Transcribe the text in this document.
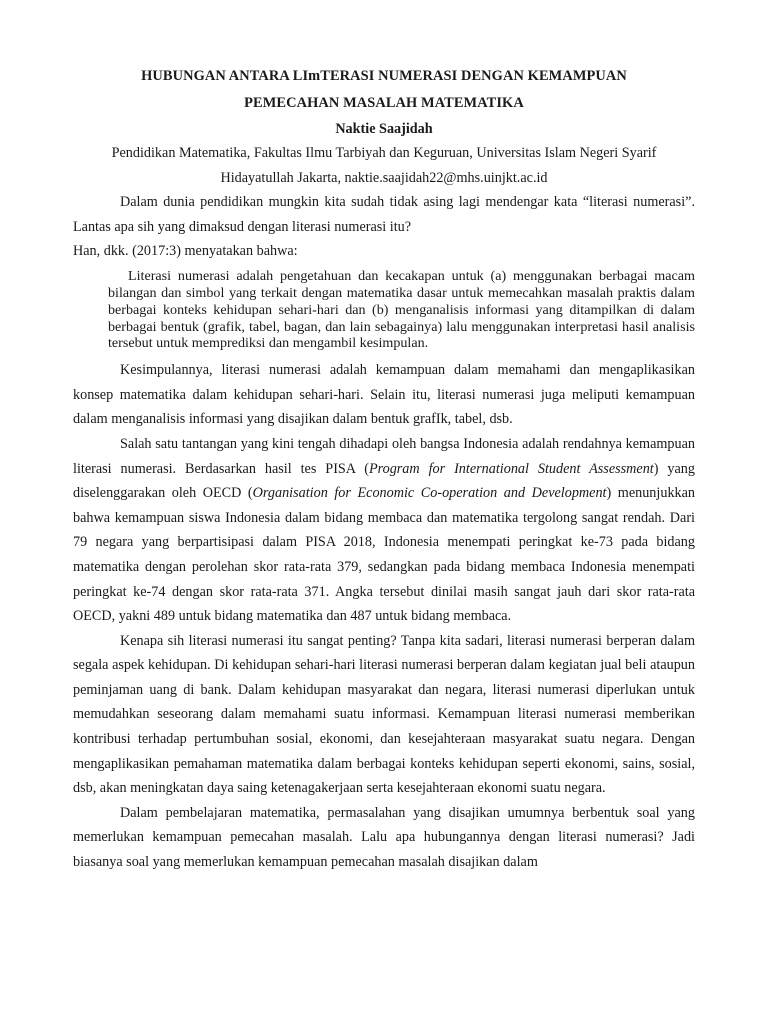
HUBUNGAN ANTARA LImTERASI NUMERASI DENGAN KEMAMPUAN
PEMECAHAN MASALAH MATEMATIKA
Naktie Saajidah
Pendidikan Matematika, Fakultas Ilmu Tarbiyah dan Keguruan, Universitas Islam Negeri Syarif
Hidayatullah Jakarta, naktie.saajidah22@mhs.uinjkt.ac.id

Dalam dunia pendidikan mungkin kita sudah tidak asing lagi mendengar kata “literasi numerasi”. Lantas apa sih yang dimaksud dengan literasi numerasi itu?

Han, dkk. (2017:3) menyatakan bahwa:

Literasi numerasi adalah pengetahuan dan kecakapan untuk (a) menggunakan berbagai macam bilangan dan simbol yang terkait dengan matematika dasar untuk memecahkan masalah praktis dalam berbagai konteks kehidupan sehari-hari dan (b) menganalisis informasi yang ditampilkan di dalam berbagai bentuk (grafik, tabel, bagan, dan lain sebagainya) lalu menggunakan interpretasi hasil analisis tersebut untuk memprediksi dan mengambil kesimpulan.

Kesimpulannya, literasi numerasi adalah kemampuan dalam memahami dan mengaplikasikan konsep matematika dalam kehidupan sehari-hari. Selain itu, literasi numerasi juga meliputi kemampuan dalam menganalisis informasi yang disajikan dalam bentuk grafIk, tabel, dsb.

Salah satu tantangan yang kini tengah dihadapi oleh bangsa Indonesia adalah rendahnya kemampuan literasi numerasi. Berdasarkan hasil tes PISA (Program for International Student Assessment) yang diselenggarakan oleh OECD (Organisation for Economic Co-operation and Development) menunjukkan bahwa kemampuan siswa Indonesia dalam bidang membaca dan matematika tergolong sangat rendah. Dari 79 negara yang berpartisipasi dalam PISA 2018, Indonesia menempati peringkat ke-73 pada bidang matematika dengan perolehan skor rata-rata 379, sedangkan pada bidang membaca Indonesia menempati peringkat ke-74 dengan skor rata-rata 371. Angka tersebut dinilai masih sangat jauh dari skor rata-rata OECD, yakni 489 untuk bidang matematika dan 487 untuk bidang membaca.

Kenapa sih literasi numerasi itu sangat penting? Tanpa kita sadari, literasi numerasi berperan dalam segala aspek kehidupan. Di kehidupan sehari-hari literasi numerasi berperan dalam kegiatan jual beli ataupun peminjaman uang di bank. Dalam kehidupan masyarakat dan negara, literasi numerasi diperlukan untuk memudahkan seseorang dalam memahami suatu informasi. Kemampuan literasi numerasi memberikan kontribusi terhadap pertumbuhan sosial, ekonomi, dan kesejahteraan masyarakat suatu negara. Dengan mengaplikasikan pemahaman matematika dalam berbagai konteks kehidupan seperti ekonomi, sains, sosial, dsb, akan meningkatan daya saing ketenagakerjaan serta kesejahteraan ekonomi suatu negara.

Dalam pembelajaran matematika, permasalahan yang disajikan umumnya berbentuk soal yang memerlukan kemampuan pemecahan masalah. Lalu apa hubungannya dengan literasi numerasi? Jadi biasanya soal yang memerlukan kemampuan pemecahan masalah disajikan dalam
